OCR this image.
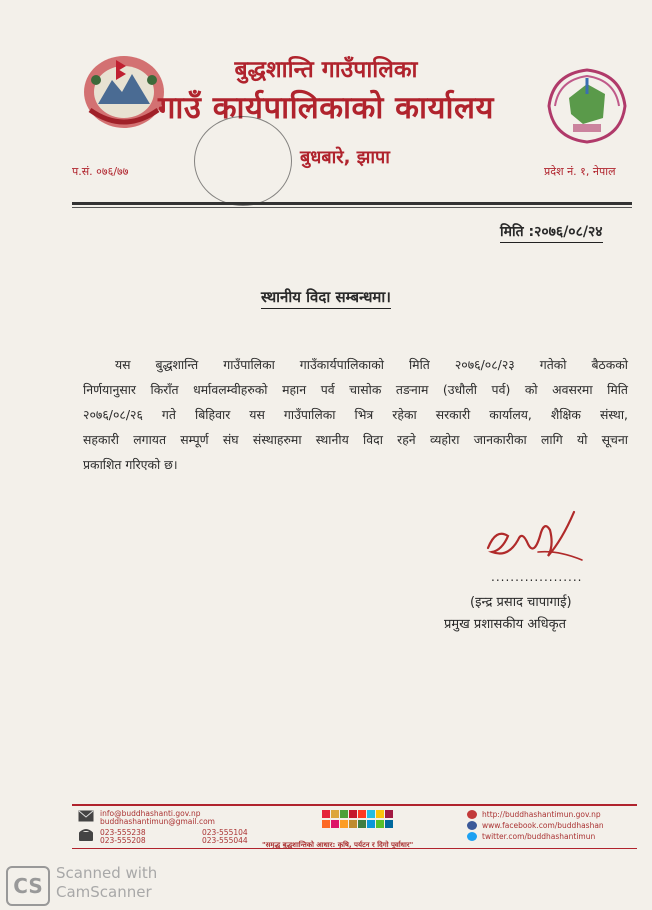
बुद्धशान्ति गाउँपालिका
गाउँ कार्यपालिकाको कार्यालय
बुधबारे, झापा
प.सं. ०७६/७७	प्रदेश नं. १, नेपाल
मिति :२०७६/०८/२४
स्थानीय विदा सम्बन्धमा।
यस बुद्धशान्ति गाउँपालिका गाउँकार्यपालिकाको मिति २०७६/०८/२३ गतेको बैठकको
निर्णयानुसार किराँत धर्मावलम्वीहरुको महान पर्व चासोक तङनाम (उधौली पर्व) को अवसरमा मिति
२०७६/०८/२६ गते बिहिवार यस गाउँपालिका भित्र रहेका सरकारी कार्यालय, शैक्षिक संस्था,
सहकारी लगायत सम्पूर्ण संघ संस्थाहरुमा स्थानीय विदा रहने व्यहोरा जानकारीका लागि यो सूचना
प्रकाशित गरिएको छ।
...................
(इन्द्र प्रसाद चापागाई)
प्रमुख प्रशासकीय अधिकृत
info@buddhashanti.gov.np
buddhashantimun@gmail.com
023-555238	023-555104
023-555208	023-555044 "समृद्ध बुद्धशान्तिको आधार: कृषि, पर्यटन र दिगो पूर्वाधार"
http://buddhashantimun.gov.np
www.facebook.com/buddhashan
twitter.com/buddhashantimun
CS
Scanned with
CamScanner
